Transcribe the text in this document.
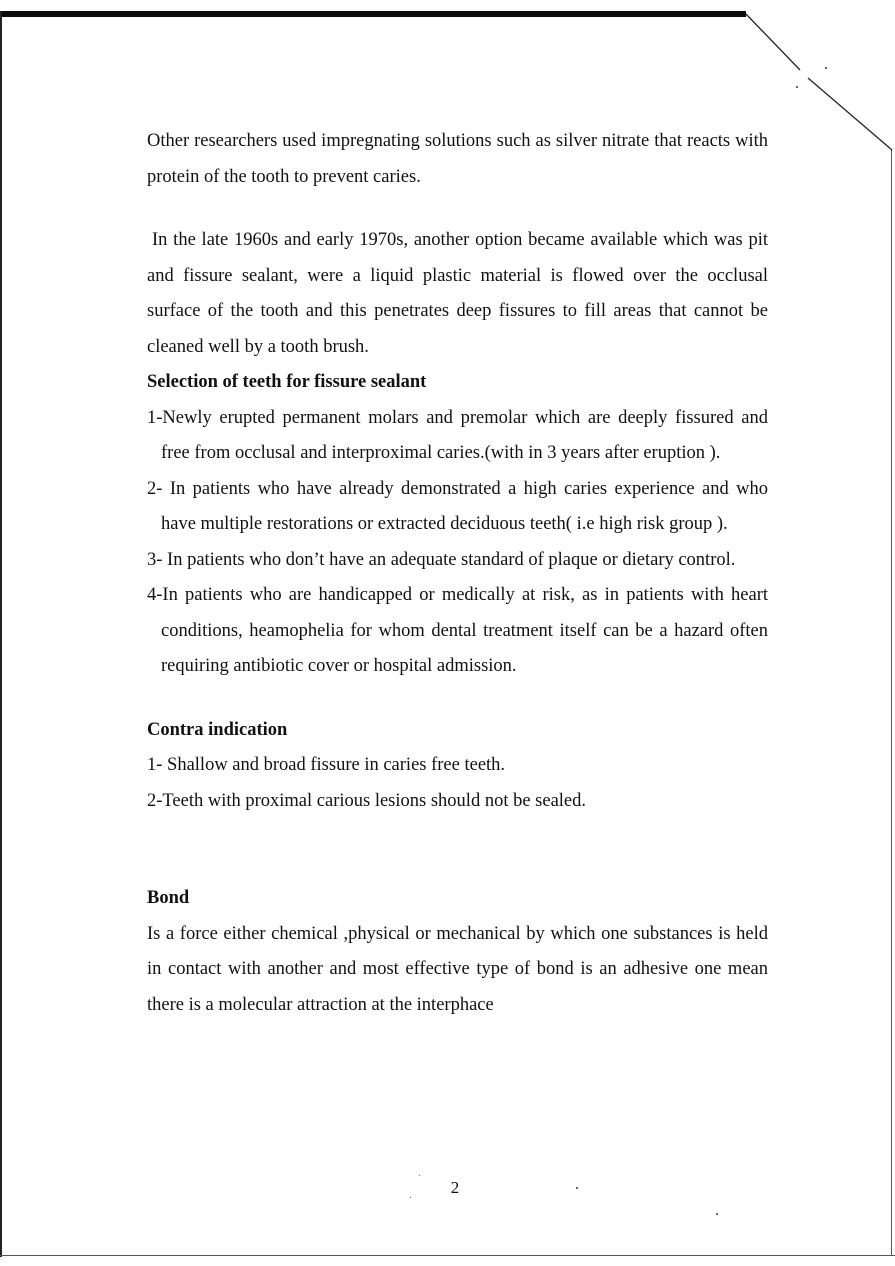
Other researchers used impregnating solutions such as silver nitrate that reacts with protein of the tooth to prevent caries.

In the late 1960s and early 1970s, another option became available which was pit and fissure sealant, were a liquid plastic material is flowed over the occlusal surface of the tooth and this penetrates deep fissures to fill areas that cannot be cleaned well by a tooth brush.

Selection of teeth for fissure sealant
1-Newly erupted permanent molars and premolar which are deeply fissured and free from occlusal and interproximal caries.(with in 3 years after eruption ).
2- In patients who have already demonstrated a high caries experience and who have multiple restorations or extracted deciduous teeth( i.e high risk group ).
3- In patients who don’t have an adequate standard of plaque or dietary control.
4-In patients who are handicapped or medically at risk, as in patients with heart conditions, heamophelia for whom dental treatment itself can be a hazard often requiring antibiotic cover or hospital admission.
Contra indication
1- Shallow and broad fissure in caries free teeth.
2-Teeth with proximal carious lesions should not be sealed.
Bond

Is a force either chemical ,physical or mechanical by which one substances is held in contact with another and most effective type of bond is an adhesive one mean there is a molecular attraction at the interphace

2
